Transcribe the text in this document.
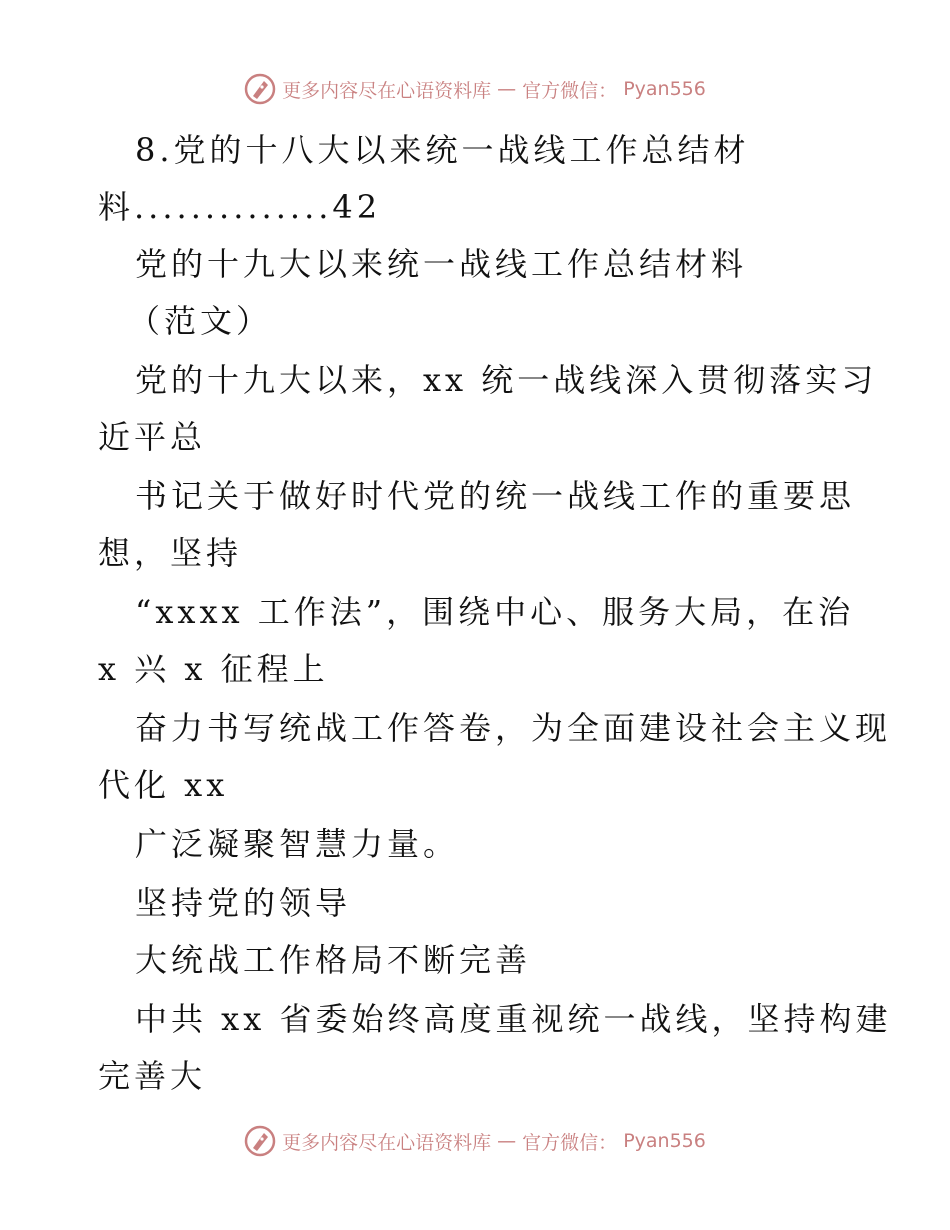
更多内容尽在心语资料库 — 官方微信： Pyan556
8.党的十八大以来统一战线工作总结材
料..............42
党的十九大以来统一战线工作总结材料
（范文）
党的十九大以来，xx 统一战线深入贯彻落实习
近平总
书记关于做好时代党的统一战线工作的重要思
想，坚持
“xxxx 工作法”，围绕中心、服务大局，在治
x 兴 x 征程上
奋力书写统战工作答卷，为全面建设社会主义现
代化 xx
广泛凝聚智慧力量。
坚持党的领导
大统战工作格局不断完善
中共 xx 省委始终高度重视统一战线，坚持构建
完善大
更多内容尽在心语资料库 — 官方微信： Pyan556
